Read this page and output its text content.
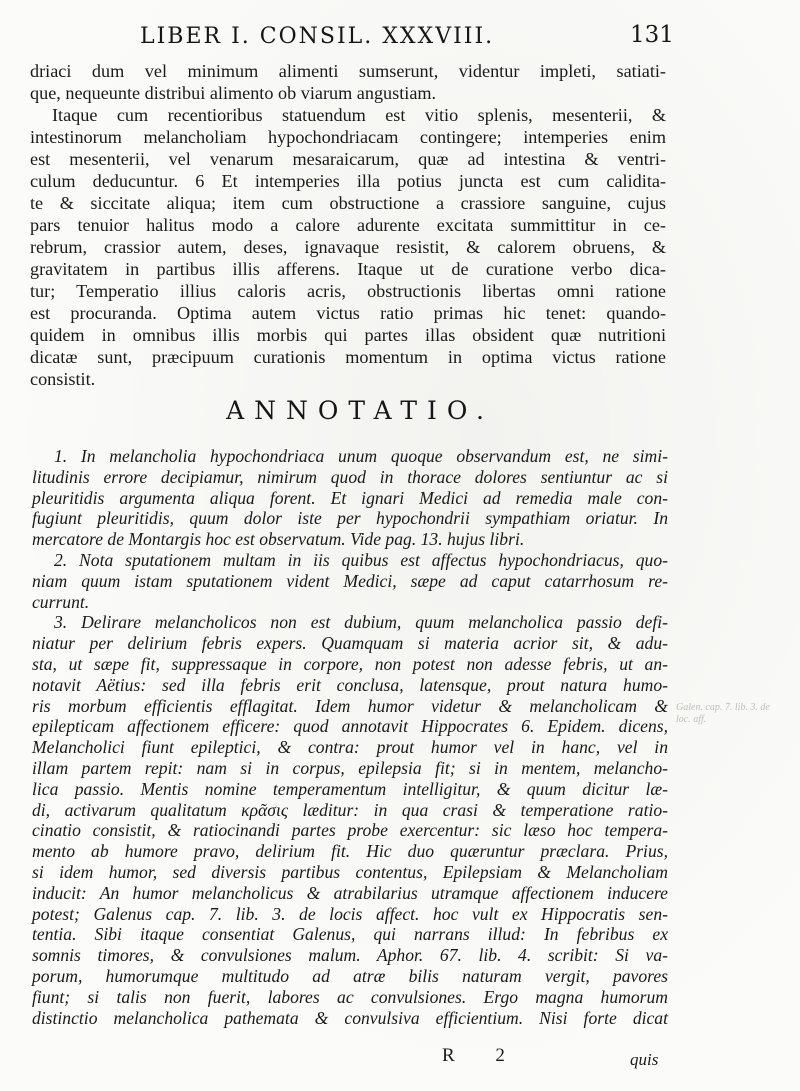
LIBER I. CONSIL. XXXVIII.	131
driaci dum vel minimum alimenti sumserunt, videntur impleti, satiati-
que, nequeunte distribui alimento ob viarum angustiam.
Itaque cum recentioribus statuendum est vitio splenis, mesenterii, &
intestinorum melancholiam hypochondriacam contingere; intemperies enim
est mesenterii, vel venarum mesaraicarum, quæ ad intestina & ventri-
culum deducuntur. 6 Et intemperies illa potius juncta est cum calidita-
te & siccitate aliqua; item cum obstructione a crassiore sanguine, cujus
pars tenuior halitus modo a calore adurente excitata summittitur in ce-
rebrum, crassior autem, deses, ignavaque resistit, & calorem obruens, &
gravitatem in partibus illis afferens. Itaque ut de curatione verbo dica-
tur; Temperatio illius caloris acris, obstructionis libertas omni ratione
est procuranda. Optima autem victus ratio primas hic tenet: quando-
quidem in omnibus illis morbis qui partes illas obsident quæ nutritioni
dicatæ sunt, præcipuum curationis momentum in optima victus ratione
consistit.
ANNOTATIO.
1. In melancholia hypochondriaca unum quoque observandum est, ne simi-
litudinis errore decipiamur, nimirum quod in thorace dolores sentiuntur ac si
pleuritidis argumenta aliqua forent. Et ignari Medici ad remedia male con-
fugiunt pleuritidis, quum dolor iste per hypochondrii sympathiam oriatur. In
mercatore de Montargis hoc est observatum. Vide pag. 13. hujus libri.
2. Nota sputationem multam in iis quibus est affectus hypochondriacus, quo-
niam quum istam sputationem vident Medici, sæpe ad caput catarrhosum re-
currunt.
3. Delirare melancholicos non est dubium, quum melancholica passio defi-
niatur per delirium febris expers. Quamquam si materia acrior sit, & adu-
sta, ut sæpe fit, suppressaque in corpore, non potest non adesse febris, ut an-
notavit Aëtius: sed illa febris erit conclusa, latensque, prout natura humo-
ris morbum efficientis efflagitat. Idem humor videtur & melancholicam &
epilepticam affectionem efficere: quod annotavit Hippocrates 6. Epidem. dicens,
Melancholici fiunt epileptici, & contra: prout humor vel in hanc, vel in
illam partem repit: nam si in corpus, epilepsia fit; si in mentem, melancho-
lica passio. Mentis nomine temperamentum intelligitur, & quum dicitur læ-
di, activarum qualitatum κρᾶσις læditur: in qua crasi & temperatione ratio-
cinatio consistit, & ratiocinandi partes probe exercentur: sic læso hoc tempera-
mento ab humore pravo, delirium fit. Hic duo quæruntur præclara. Prius,
si idem humor, sed diversis partibus contentus, Epilepsiam & Melancholiam
inducit: An humor melancholicus & atrabilarius utramque affectionem inducere
potest; Galenus cap. 7. lib. 3. de locis affect. hoc vult ex Hippocratis sen-
tentia. Sibi itaque consentiat Galenus, qui narrans illud: In febribus ex
somnis timores, & convulsiones malum. Aphor. 67. lib. 4. scribit: Si va-
porum, humorumque multitudo ad atræ bilis naturam vergit, pavores
fiunt; si talis non fuerit, labores ac convulsiones. Ergo magna humorum
distinctio melancholica pathemata & convulsiva efficientium. Nisi forte dicat
Galen. cap. 7. lib. 3. de loc. aff.
R 2	quis
